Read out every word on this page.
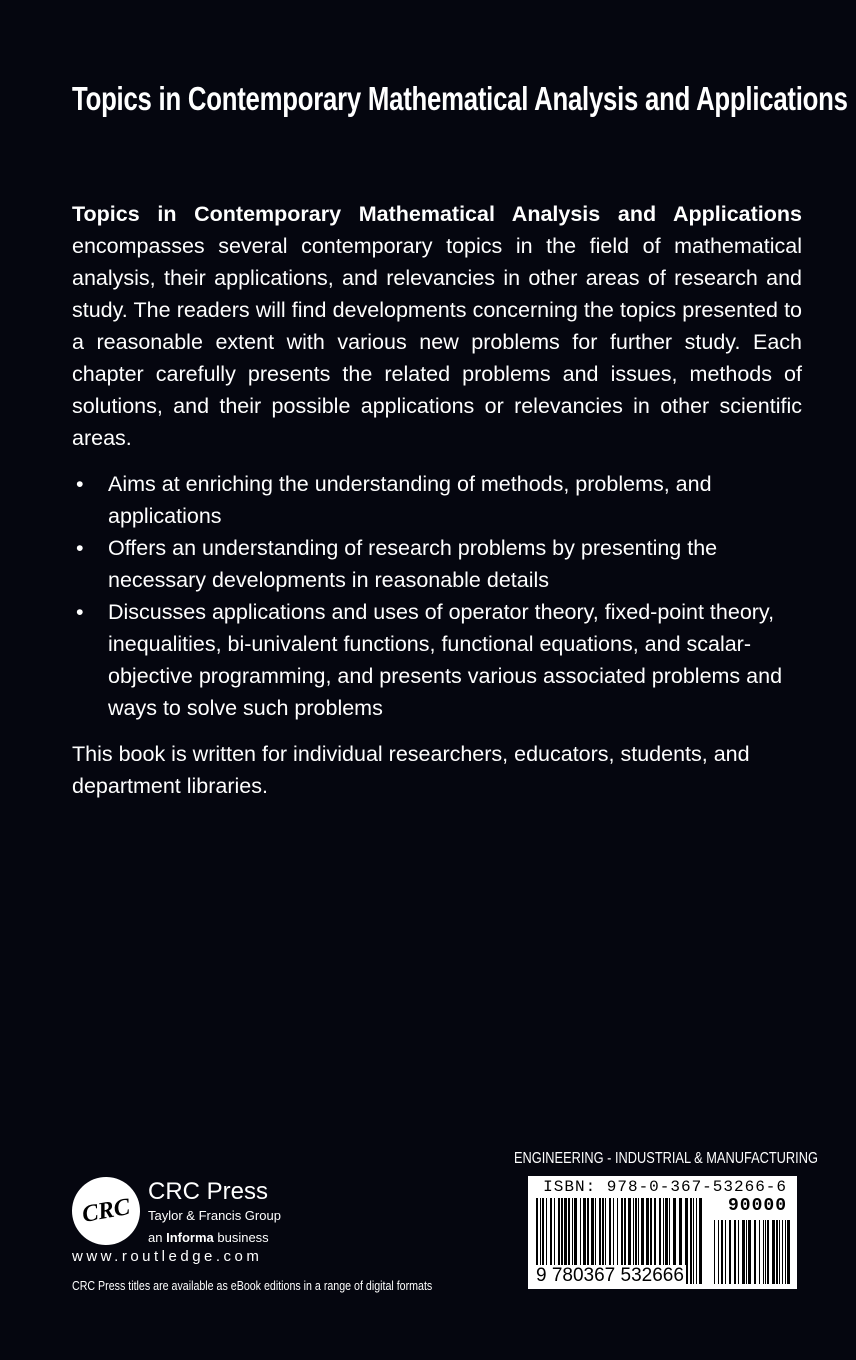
Topics in Contemporary Mathematical Analysis and Applications

Topics in Contemporary Mathematical Analysis and Applications encompasses several contemporary topics in the field of mathematical analysis, their applications, and relevancies in other areas of research and study. The readers will find developments concerning the topics presented to a reasonable extent with various new problems for further study. Each chapter carefully presents the related problems and issues, methods of solutions, and their possible applications or relevancies in other scientific areas.

• Aims at enriching the understanding of methods, problems, and applications
• Offers an understanding of research problems by presenting the necessary developments in reasonable details
• Discusses applications and uses of operator theory, fixed-point theory, inequalities, bi-univalent functions, functional equations, and scalar-objective programming, and presents various associated problems and ways to solve such problems

This book is written for individual researchers, educators, students, and department libraries.

ENGINEERING - INDUSTRIAL & MANUFACTURING
CRC
CRC Press
Taylor & Francis Group
an Informa business
www.routledge.com
CRC Press titles are available as eBook editions in a range of digital formats
ISBN: 978-0-367-53266-6
90000
9 780367 532666
